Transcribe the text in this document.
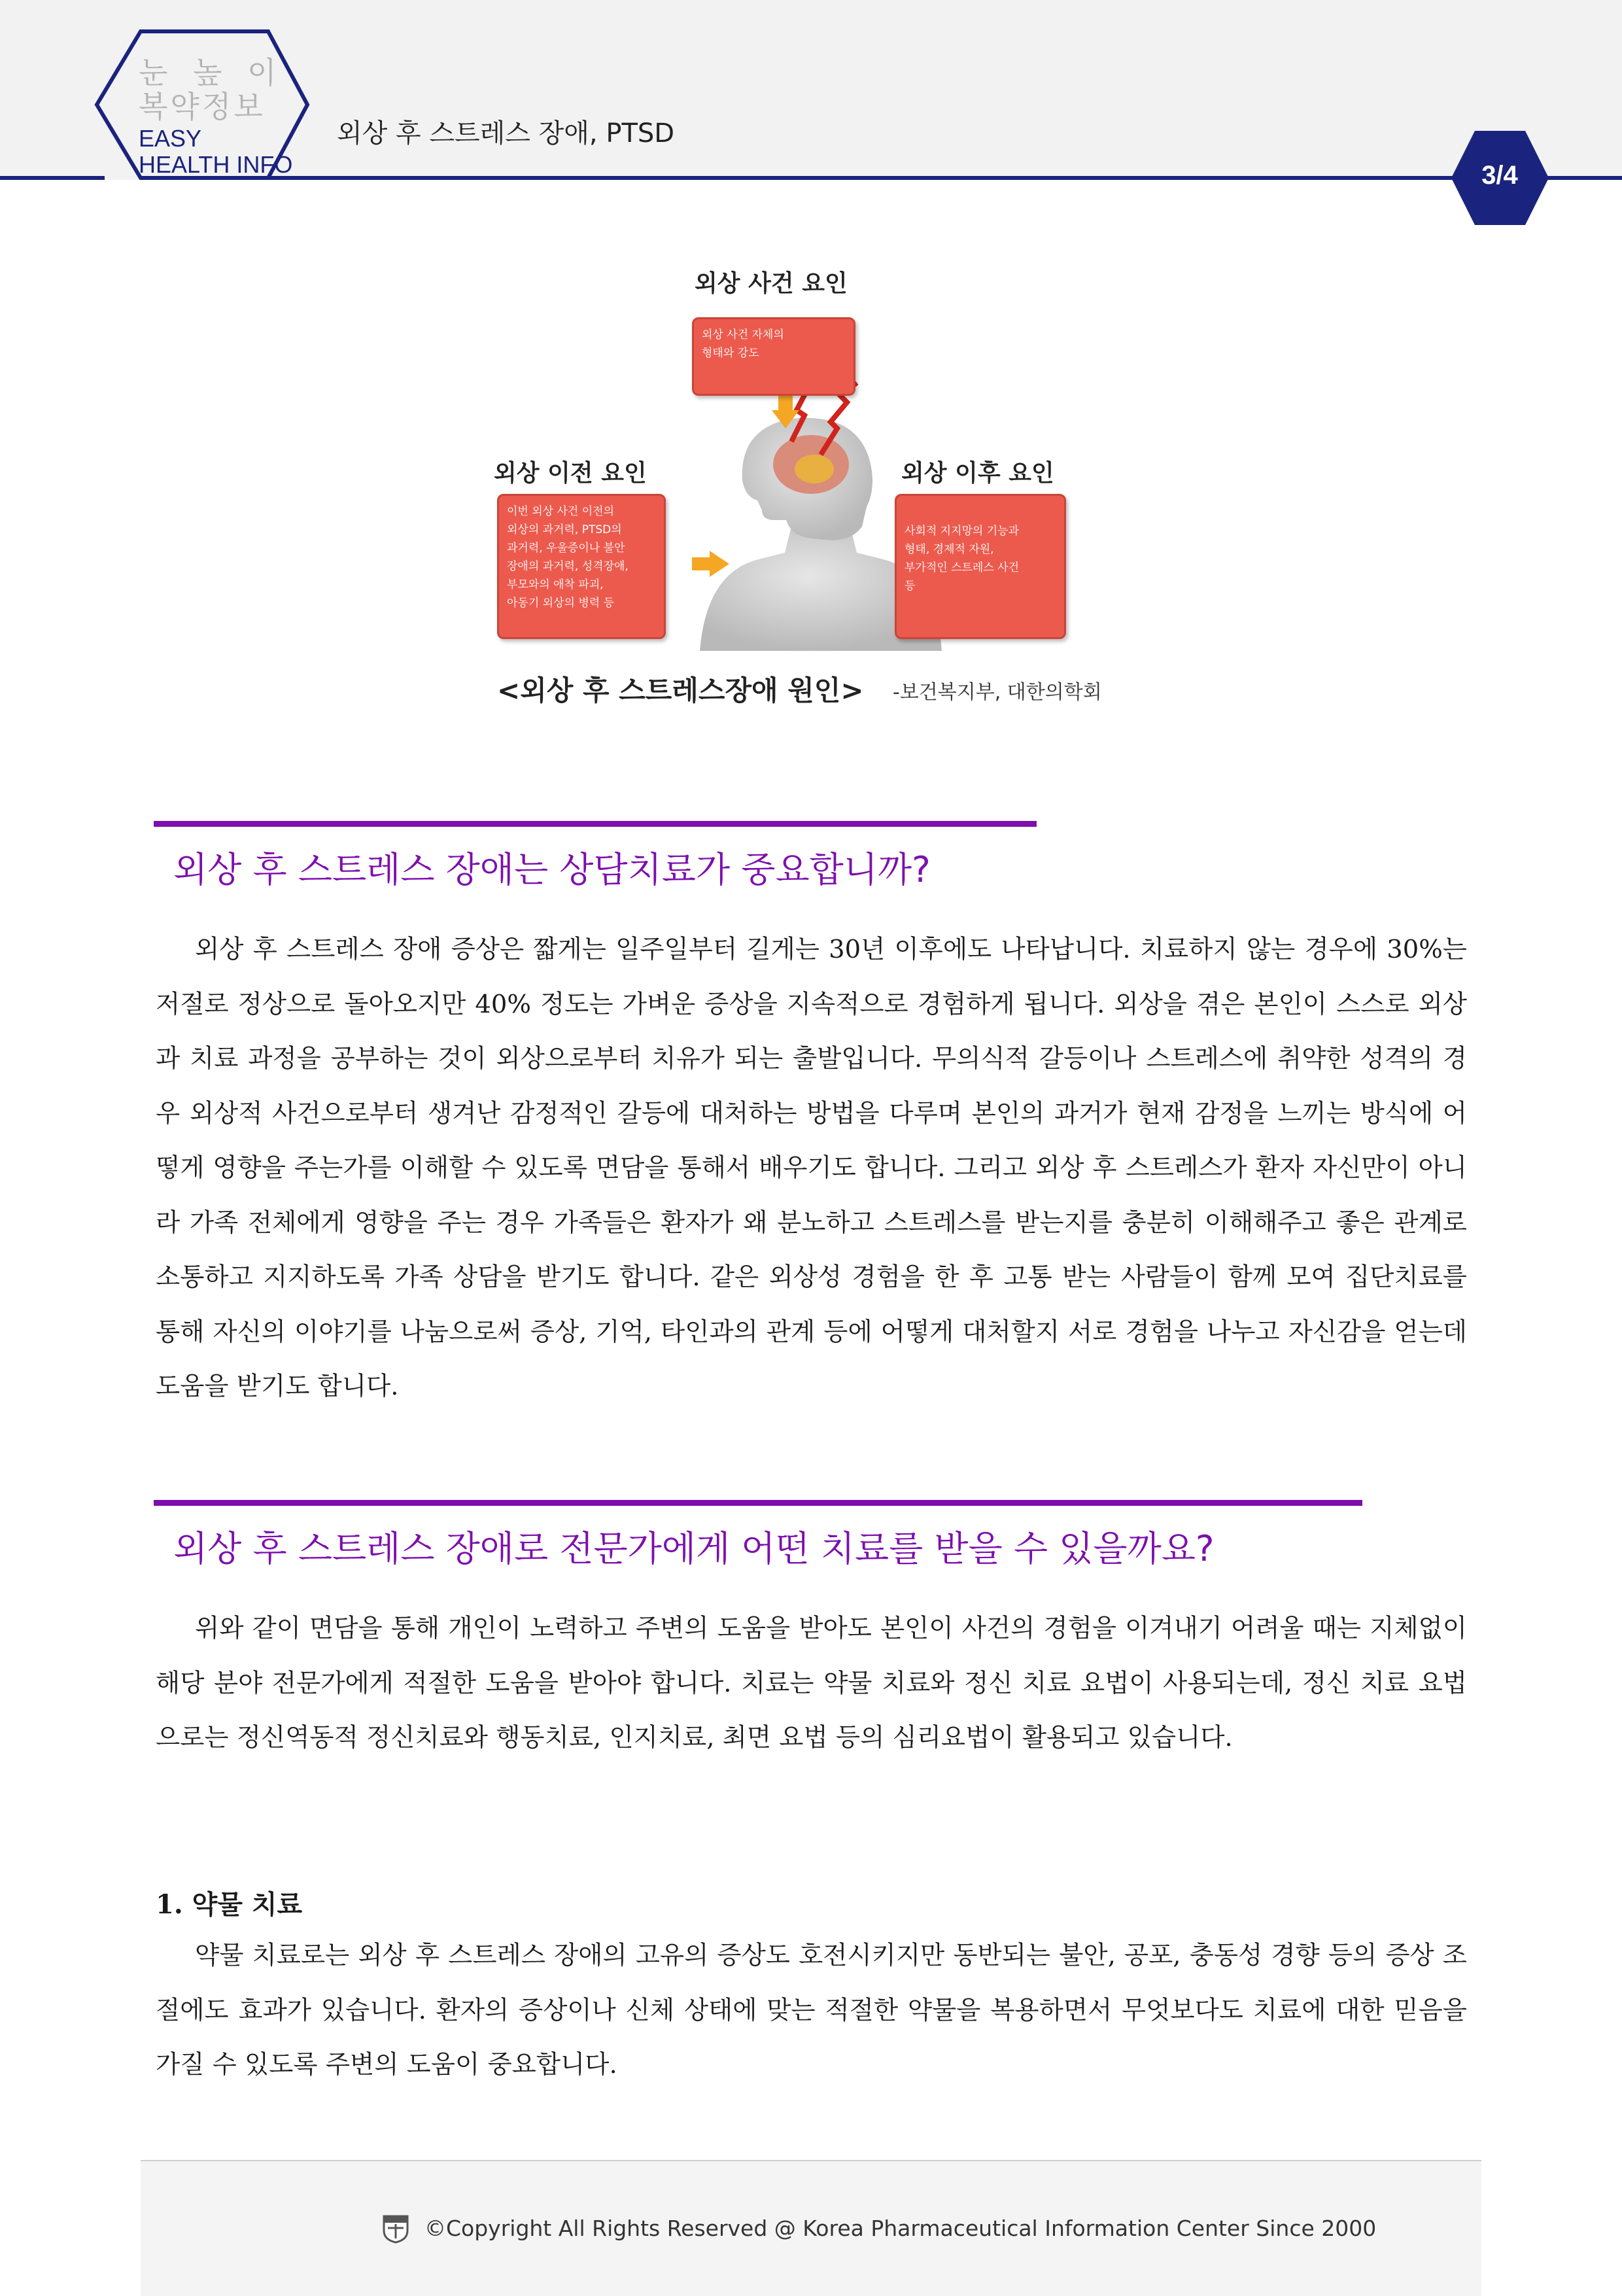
눈 높 이
복약정보
EASY
HEALTH INFO
외상 후 스트레스 장애, PTSD
3/4
외상 사건 요인
외상 사건 자체의
형태와 강도
외상 이전 요인
이번 외상 사건 이전의
외상의 과거력, PTSD의
과거력, 우울증이나 불안
장애의 과거력, 성격장애,
부모와의 애착 파괴,
아동기 외상의 병력 등
외상 이후 요인
사회적 지지망의 기능과
형태, 경제적 자원,
부가적인 스트레스 사건
등
<외상 후 스트레스장애 원인> -보건복지부, 대한의학회
외상 후 스트레스 장애는 상담치료가 중요합니까?

외상 후 스트레스 장애 증상은 짧게는 일주일부터 길게는 30년 이후에도 나타납니다. 치료하지 않는 경우에 30%는 저절로 정상으로 돌아오지만 40% 정도는 가벼운 증상을 지속적으로 경험하게 됩니다. 외상을 겪은 본인이 스스로 외상과 치료 과정을 공부하는 것이 외상으로부터 치유가 되는 출발입니다. 무의식적 갈등이나 스트레스에 취약한 성격의 경우 외상적 사건으로부터 생겨난 감정적인 갈등에 대처하는 방법을 다루며 본인의 과거가 현재 감정을 느끼는 방식에 어떻게 영향을 주는가를 이해할 수 있도록 면담을 통해서 배우기도 합니다. 그리고 외상 후 스트레스가 환자 자신만이 아니라 가족 전체에게 영향을 주는 경우 가족들은 환자가 왜 분노하고 스트레스를 받는지를 충분히 이해해주고 좋은 관계로 소통하고 지지하도록 가족 상담을 받기도 합니다. 같은 외상성 경험을 한 후 고통 받는 사람들이 함께 모여 집단치료를 통해 자신의 이야기를 나눔으로써 증상, 기억, 타인과의 관계 등에 어떻게 대처할지 서로 경험을 나누고 자신감을 얻는데 도움을 받기도 합니다.

외상 후 스트레스 장애로 전문가에게 어떤 치료를 받을 수 있을까요?

위와 같이 면담을 통해 개인이 노력하고 주변의 도움을 받아도 본인이 사건의 경험을 이겨내기 어려울 때는 지체없이 해당 분야 전문가에게 적절한 도움을 받아야 합니다. 치료는 약물 치료와 정신 치료 요법이 사용되는데, 정신 치료 요법으로는 정신역동적 정신치료와 행동치료, 인지치료, 최면 요법 등의 심리요법이 활용되고 있습니다.

1. 약물 치료

약물 치료로는 외상 후 스트레스 장애의 고유의 증상도 호전시키지만 동반되는 불안, 공포, 충동성 경향 등의 증상 조절에도 효과가 있습니다. 환자의 증상이나 신체 상태에 맞는 적절한 약물을 복용하면서 무엇보다도 치료에 대한 믿음을 가질 수 있도록 주변의 도움이 중요합니다.

©Copyright All Rights Reserved @ Korea Pharmaceutical Information Center Since 2000
